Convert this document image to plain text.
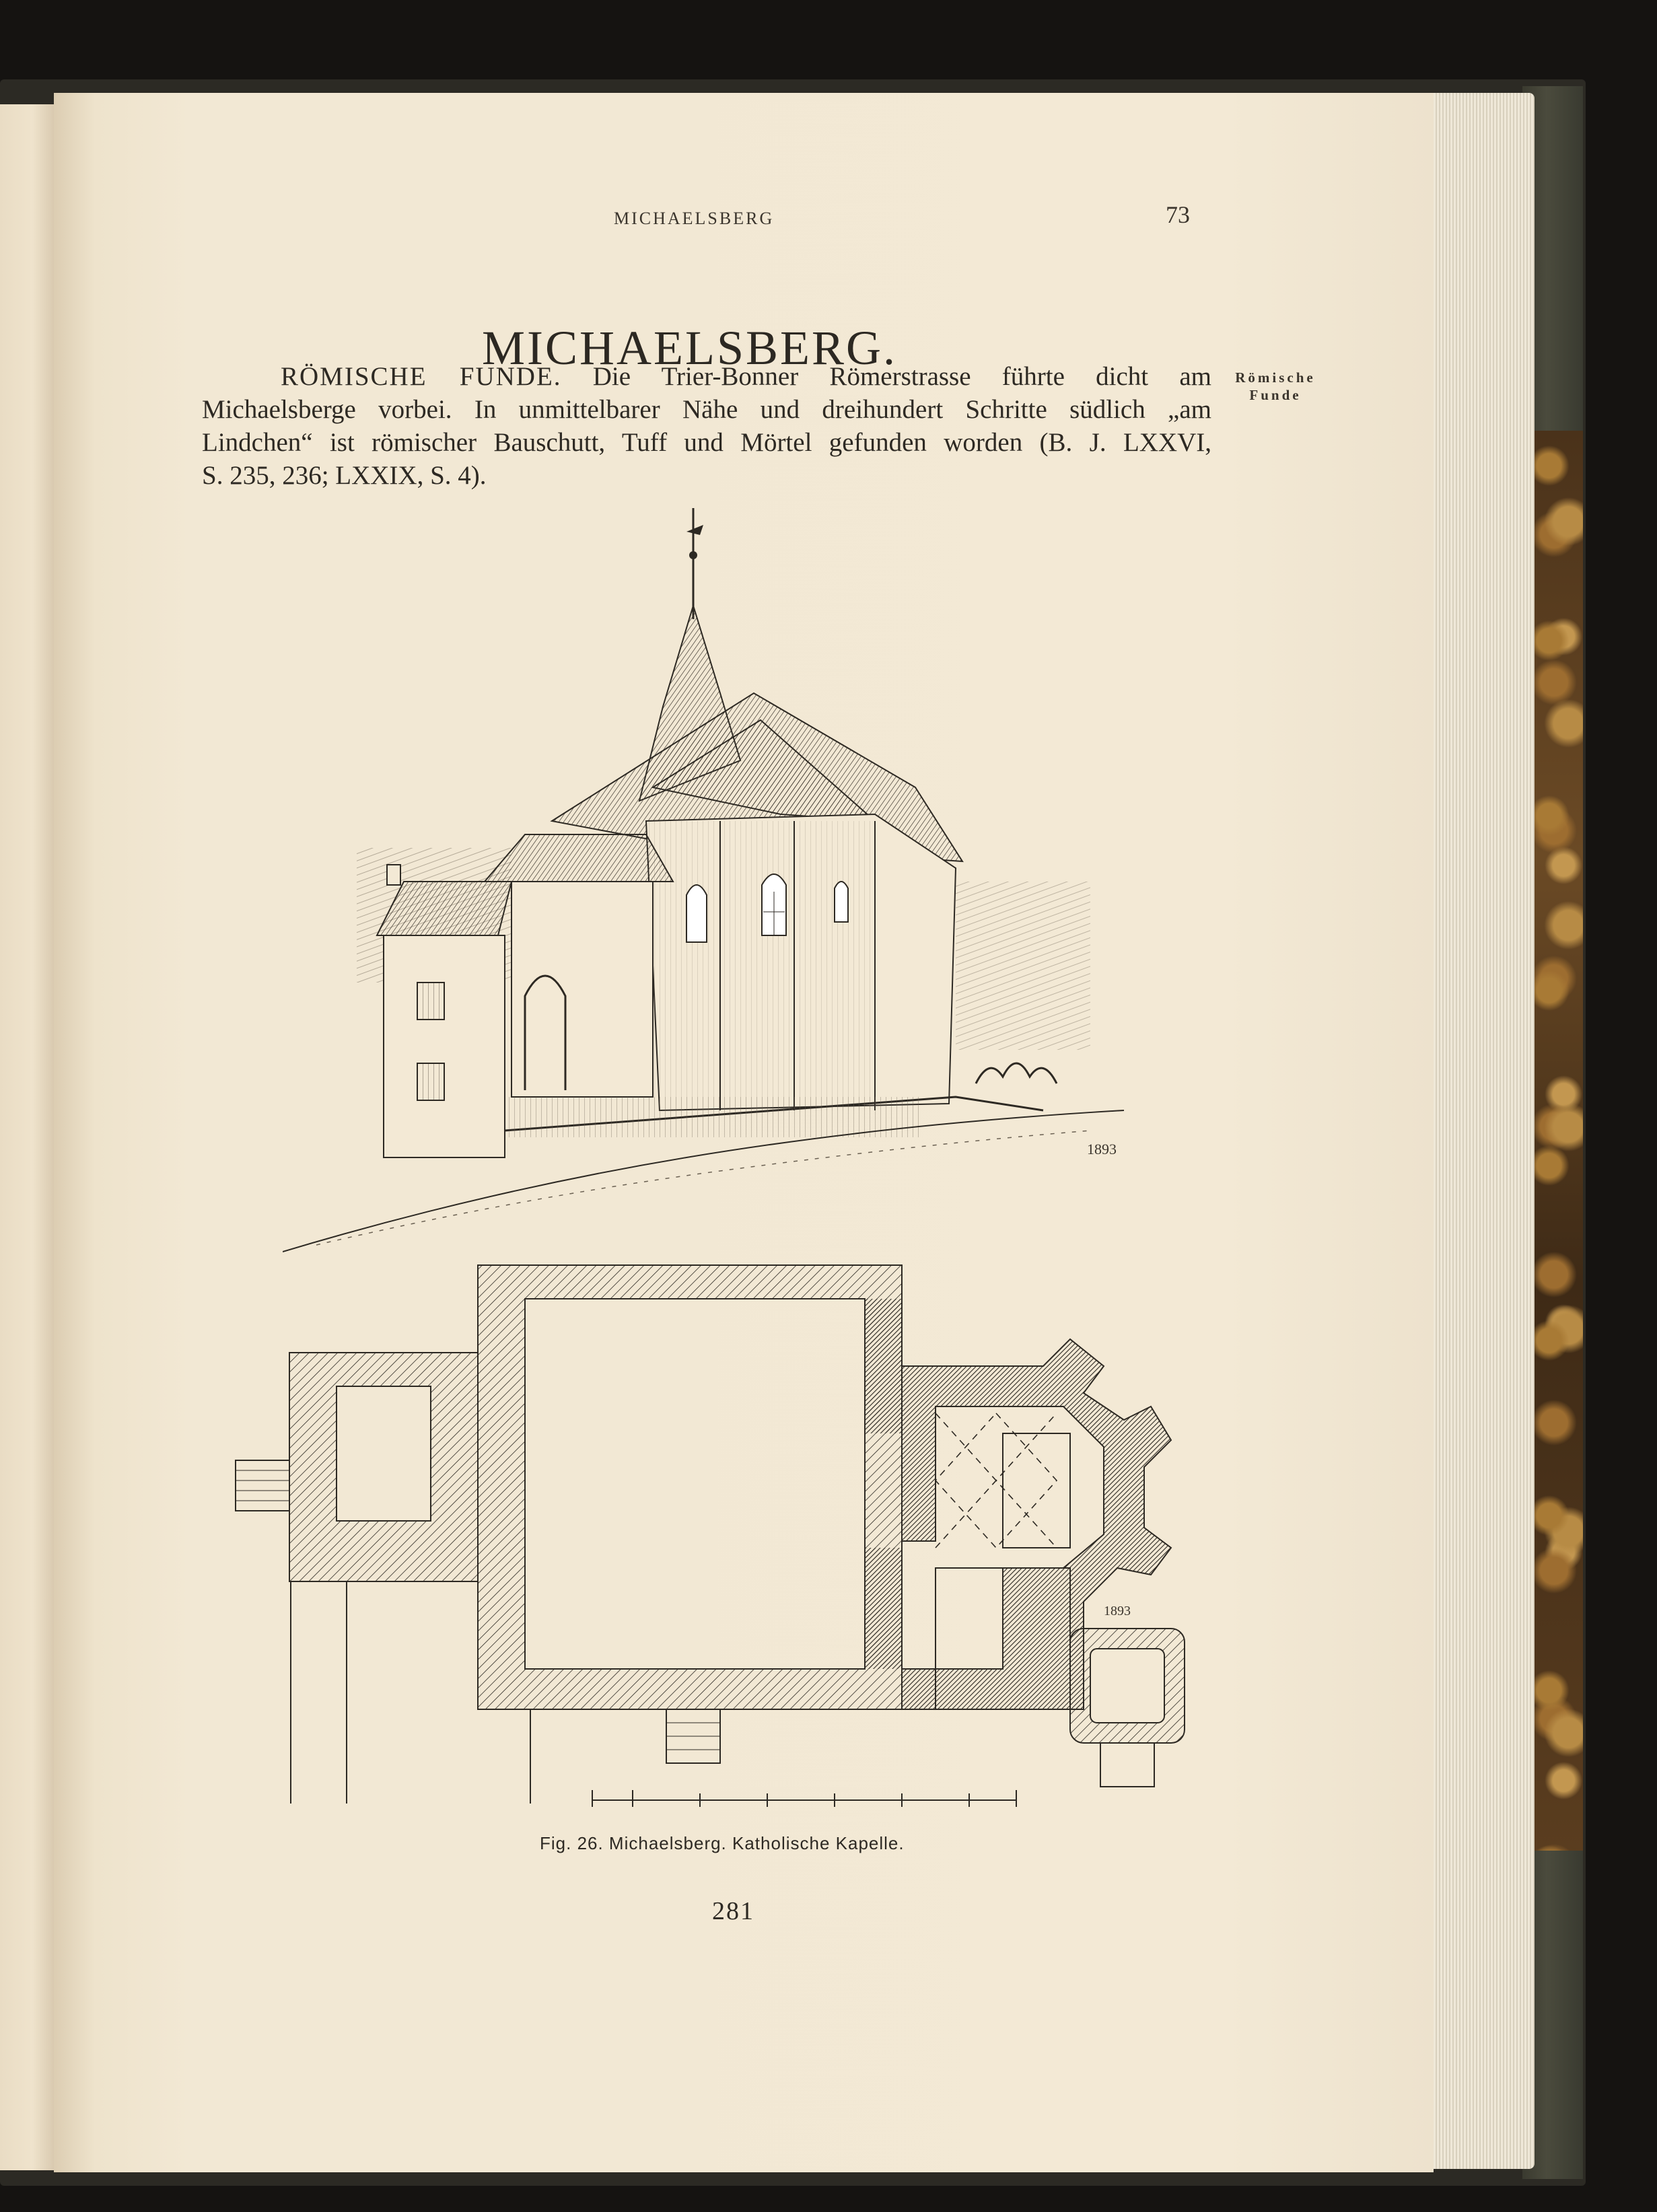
MICHAELSBERG	73
MICHAELSBERG.
   RÖMISCHE FUNDE. Die Trier-Bonner Römerstrasse führte dicht am
Michaelsberge vorbei. In unmittelbarer Nähe und dreihundert Schritte südlich „am
Lindchen“ ist römischer Bauschutt, Tuff und Mörtel gefunden worden (B. J. LXXVI,
S. 235, 236; LXXIX, S. 4).
Römische
Funde
1893
1893
Fig. 26. Michaelsberg. Katholische Kapelle.
281
